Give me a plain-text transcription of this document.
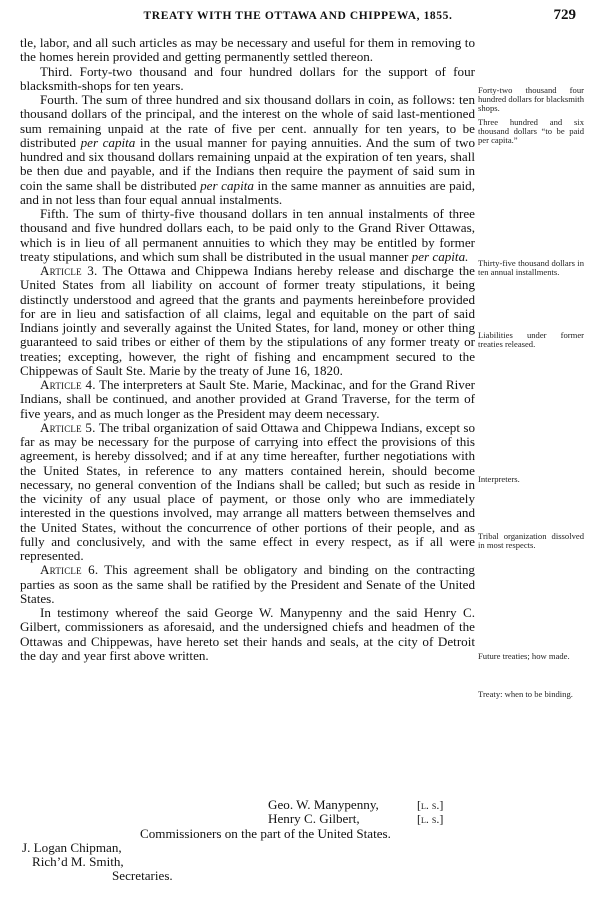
TREATY WITH THE OTTAWA AND CHIPPEWA, 1855.	729

tle, labor, and all such articles as may be necessary and useful for them in removing to the homes herein provided and getting permanently settled thereon.

Third. Forty-two thousand and four hundred dollars for the support of four blacksmith-shops for ten years.

Fourth. The sum of three hundred and six thousand dollars in coin, as follows: ten thousand dollars of the principal, and the interest on the whole of said last-mentioned sum remaining unpaid at the rate of five per cent. annually for ten years, to be distributed per capita in the usual manner for paying annuities. And the sum of two hundred and six thousand dollars remaining unpaid at the expiration of ten years, shall be then due and payable, and if the Indians then require the payment of said sum in coin the same shall be distributed per capita in the same manner as annuities are paid, and in not less than four equal annual instalments.

Fifth. The sum of thirty-five thousand dollars in ten annual instalments of three thousand and five hundred dollars each, to be paid only to the Grand River Ottawas, which is in lieu of all permanent annuities to which they may be entitled by former treaty stipulations, and which sum shall be distributed in the usual manner per capita.

Article 3. The Ottawa and Chippewa Indians hereby release and discharge the United States from all liability on account of former treaty stipulations, it being distinctly understood and agreed that the grants and payments hereinbefore provided for are in lieu and satisfaction of all claims, legal and equitable on the part of said Indians jointly and severally against the United States, for land, money or other thing guaranteed to said tribes or either of them by the stipulations of any former treaty or treaties; excepting, however, the right of fishing and encampment secured to the Chippewas of Sault Ste. Marie by the treaty of June 16, 1820.

Article 4. The interpreters at Sault Ste. Marie, Mackinac, and for the Grand River Indians, shall be continued, and another provided at Grand Traverse, for the term of five years, and as much longer as the President may deem necessary.

Article 5. The tribal organization of said Ottawa and Chippewa Indians, except so far as may be necessary for the purpose of carrying into effect the provisions of this agreement, is hereby dissolved; and if at any time hereafter, further negotiations with the United States, in reference to any matters contained herein, should become necessary, no general convention of the Indians shall be called; but such as reside in the vicinity of any usual place of payment, or those only who are immediately interested in the questions involved, may arrange all matters between themselves and the United States, without the concurrence of other portions of their people, and as fully and conclusively, and with the same effect in every respect, as if all were represented.

Article 6. This agreement shall be obligatory and binding on the contracting parties as soon as the same shall be ratified by the President and Senate of the United States.

In testimony whereof the said George W. Manypenny and the said Henry C. Gilbert, commissioners as aforesaid, and the undersigned chiefs and headmen of the Ottawas and Chippewas, have hereto set their hands and seals, at the city of Detroit the day and year first above written.

Forty-two thousand four hundred dollars for blacksmith shops.
Three hundred and six thousand dollars “to be paid per capita.”
Thirty-five thousand dollars in ten annual installments.
Liabilities under former treaties released.
Interpreters.
Tribal organization dissolved in most respects.
Future treaties; how made.
Treaty: when to be binding.
Geo. W. Manypenny,	[l. s.]
Henry C. Gilbert,	[l. s.]
Commissioners on the part of the United States.
J. Logan Chipman,
Rich’d M. Smith,
Secretaries.
